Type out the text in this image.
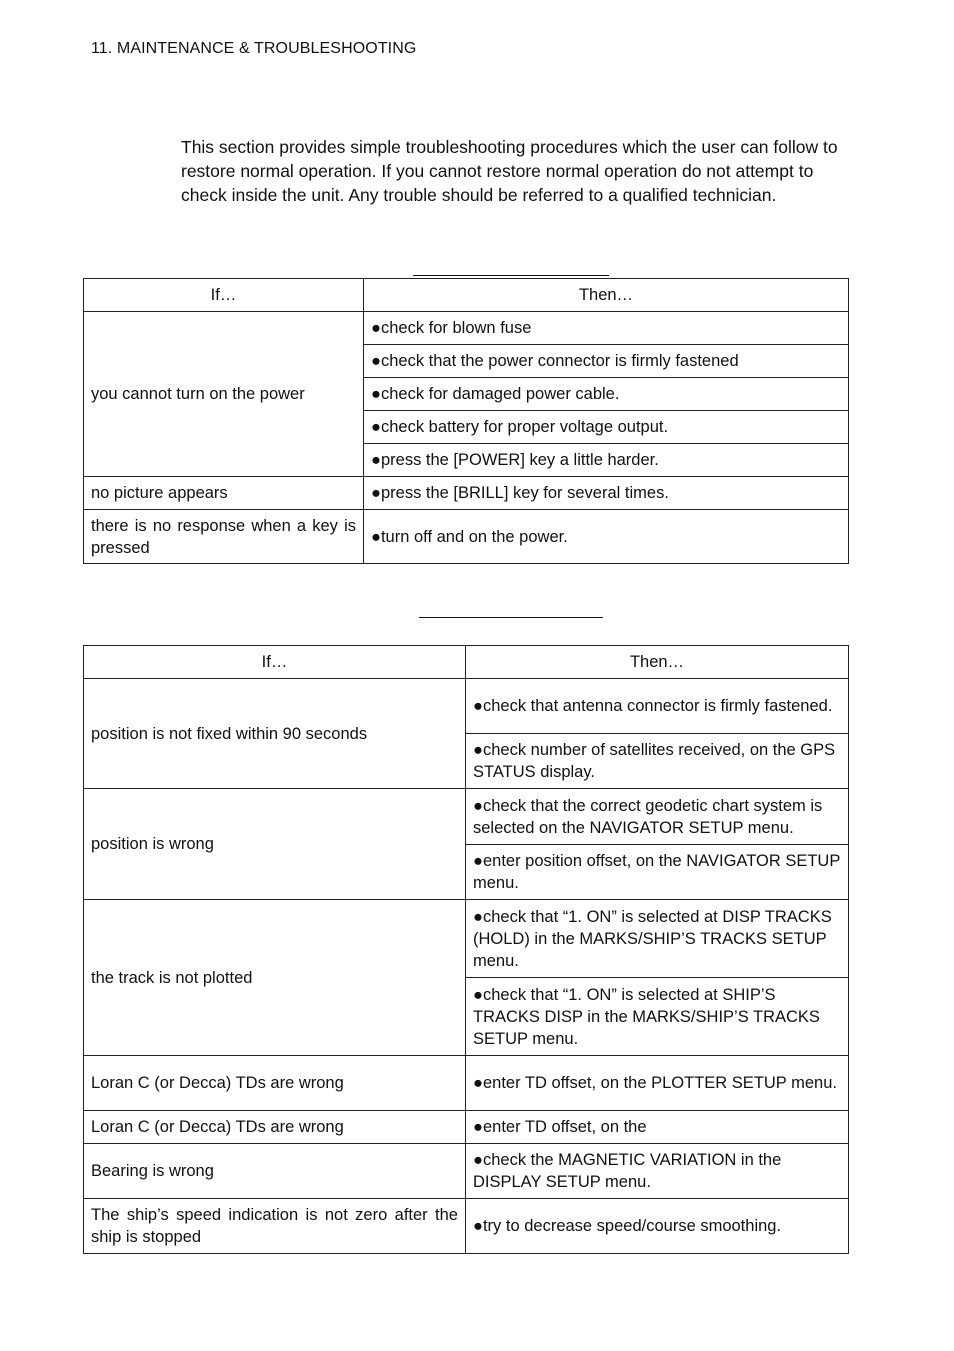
11. MAINTENANCE & TROUBLESHOOTING
This section provides simple troubleshooting procedures which the user can follow to restore normal operation. If you cannot restore normal operation do not attempt to check inside the unit. Any trouble should be referred to a qualified technician.
If…	Then…
you cannot turn on the power	●check for blown fuse
	●check that the power connector is firmly fastened
	●check for damaged power cable.
	●check battery for proper voltage output.
	●press the [POWER] key a little harder.
no picture appears	●press the [BRILL] key for several times.
there is no response when a key is pressed	●turn off and on the power.
If…	Then…
position is not fixed within 90 seconds	●check that antenna connector is firmly fastened.
	●check number of satellites received, on the GPS STATUS display.
position is wrong	●check that the correct geodetic chart system is selected on the NAVIGATOR SETUP menu.
	●enter position offset, on the NAVIGATOR SETUP menu.
the track is not plotted	●check that “1. ON” is selected at DISP TRACKS (HOLD) in the MARKS/SHIP’S TRACKS SETUP menu.
	●check that “1. ON” is selected at SHIP’S TRACKS DISP in the MARKS/SHIP’S TRACKS SETUP menu.
Loran C (or Decca) TDs are wrong	●enter TD offset, on the PLOTTER SETUP menu.
Loran C (or Decca) TDs are wrong	●enter TD offset, on the
Bearing is wrong	●check the MAGNETIC VARIATION in the DISPLAY SETUP menu.
The ship’s speed indication is not zero after the ship is stopped	●try to decrease speed/course smoothing.
